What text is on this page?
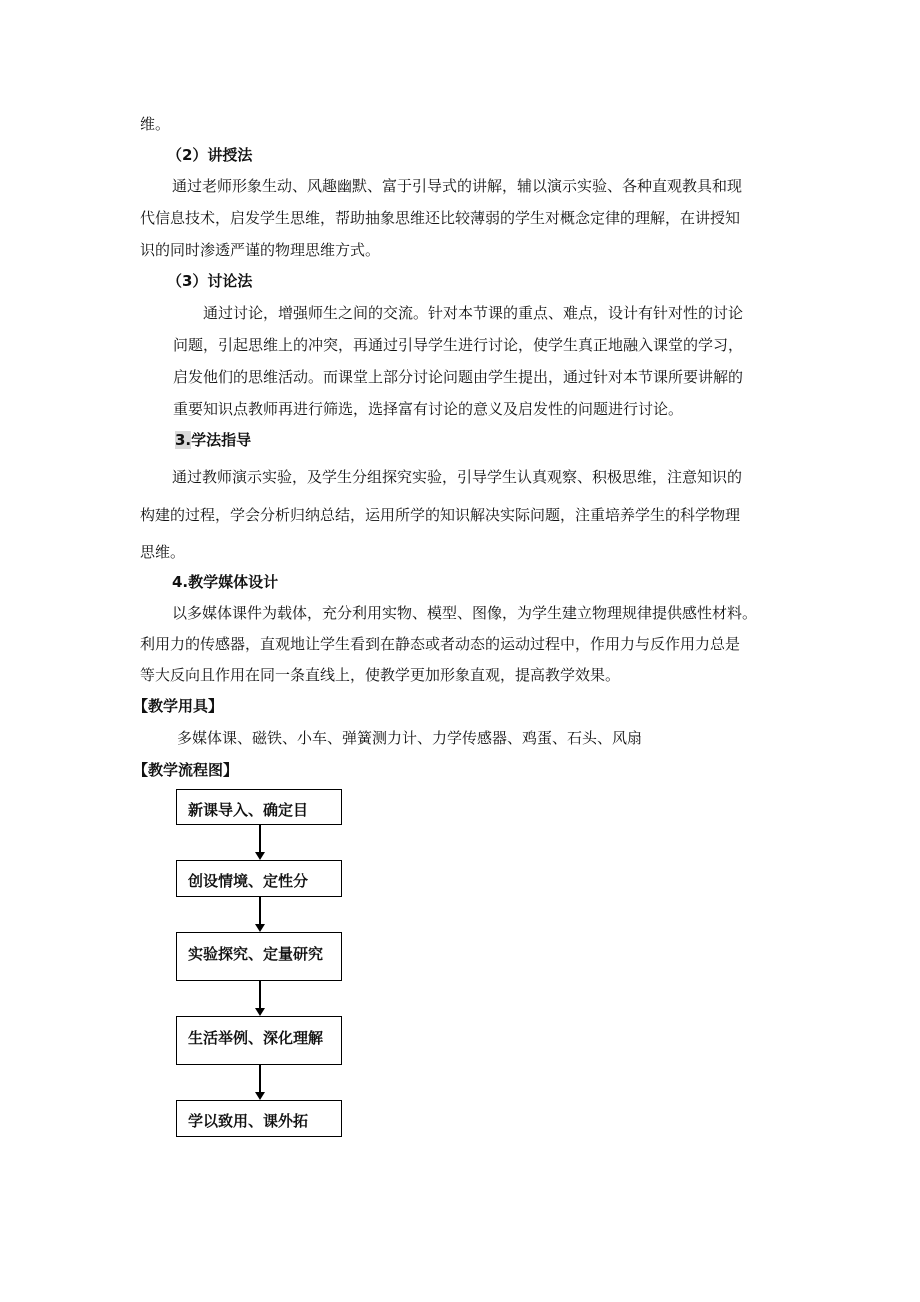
维。
（2）讲授法
通过老师形象生动、风趣幽默、富于引导式的讲解，辅以演示实验、各种直观教具和现
代信息技术，启发学生思维，帮助抽象思维还比较薄弱的学生对概念定律的理解，在讲授知
识的同时渗透严谨的物理思维方式。
（3）讨论法
通过讨论，增强师生之间的交流。针对本节课的重点、难点，设计有针对性的讨论
问题，引起思维上的冲突，再通过引导学生进行讨论，使学生真正地融入课堂的学习，
启发他们的思维活动。而课堂上部分讨论问题由学生提出，通过针对本节课所要讲解的
重要知识点教师再进行筛选，选择富有讨论的意义及启发性的问题进行讨论。
3.学法指导
通过教师演示实验，及学生分组探究实验，引导学生认真观察、积极思维，注意知识的
构建的过程，学会分析归纳总结，运用所学的知识解决实际问题，注重培养学生的科学物理
思维。
4.教学媒体设计
以多媒体课件为载体，充分利用实物、模型、图像，为学生建立物理规律提供感性材料。
利用力的传感器，直观地让学生看到在静态或者动态的运动过程中，作用力与反作用力总是
等大反向且作用在同一条直线上，使教学更加形象直观，提高教学效果。
【教学用具】
多媒体课、磁铁、小车、弹簧测力计、力学传感器、鸡蛋、石头、风扇
【教学流程图】
新课导入、确定目
创设情境、定性分
实验探究、定量研究
生活举例、深化理解
学以致用、课外拓
